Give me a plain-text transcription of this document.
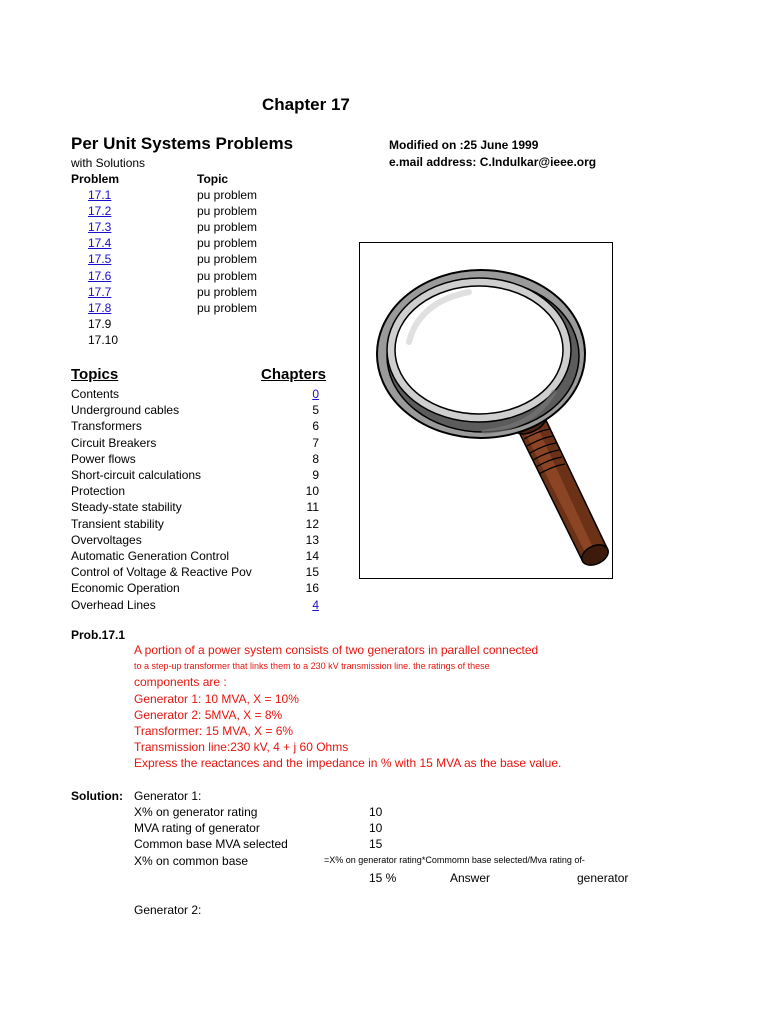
Chapter 17
Per Unit Systems Problems	Modified on :25 June 1999
e.mail address: C.Indulkar@ieee.org
with Solutions
Problem	Topic
17.1	pu problem
17.2	pu problem
17.3	pu problem
17.4	pu problem
17.5	pu problem
17.6	pu problem
17.7	pu problem
17.8	pu problem
17.9
17.10
Topics	Chapters
Contents	0
Underground cables	5
Transformers	6
Circuit Breakers	7
Power flows	8
Short-circuit calculations	9
Protection	10
Steady-state stability	11
Transient stability	12
Overvoltages	13
Automatic Generation Control	14
Control of Voltage & Reactive Pov	15
Economic Operation	16
Overhead Lines	4
Prob.17.1
A portion of a power system consists of two generators in parallel connected
to a step-up transformer that links them to a 230 kV transmission line. the ratings of these
components are :
Generator 1: 10 MVA, X = 10%
Generator 2: 5MVA, X = 8%
Transformer: 15 MVA, X = 6%
Transmission line:230 kV, 4 + j 60 Ohms
Express the reactances and the impedance in % with 15 MVA as the base value.
Solution: Generator 1:
X% on generator rating	10
MVA rating of generator	10
Common base MVA selected	15
X% on common base	=X% on generator rating*Commomn base selected/Mva rating of-
15 %	Answer	generator
Generator 2:
